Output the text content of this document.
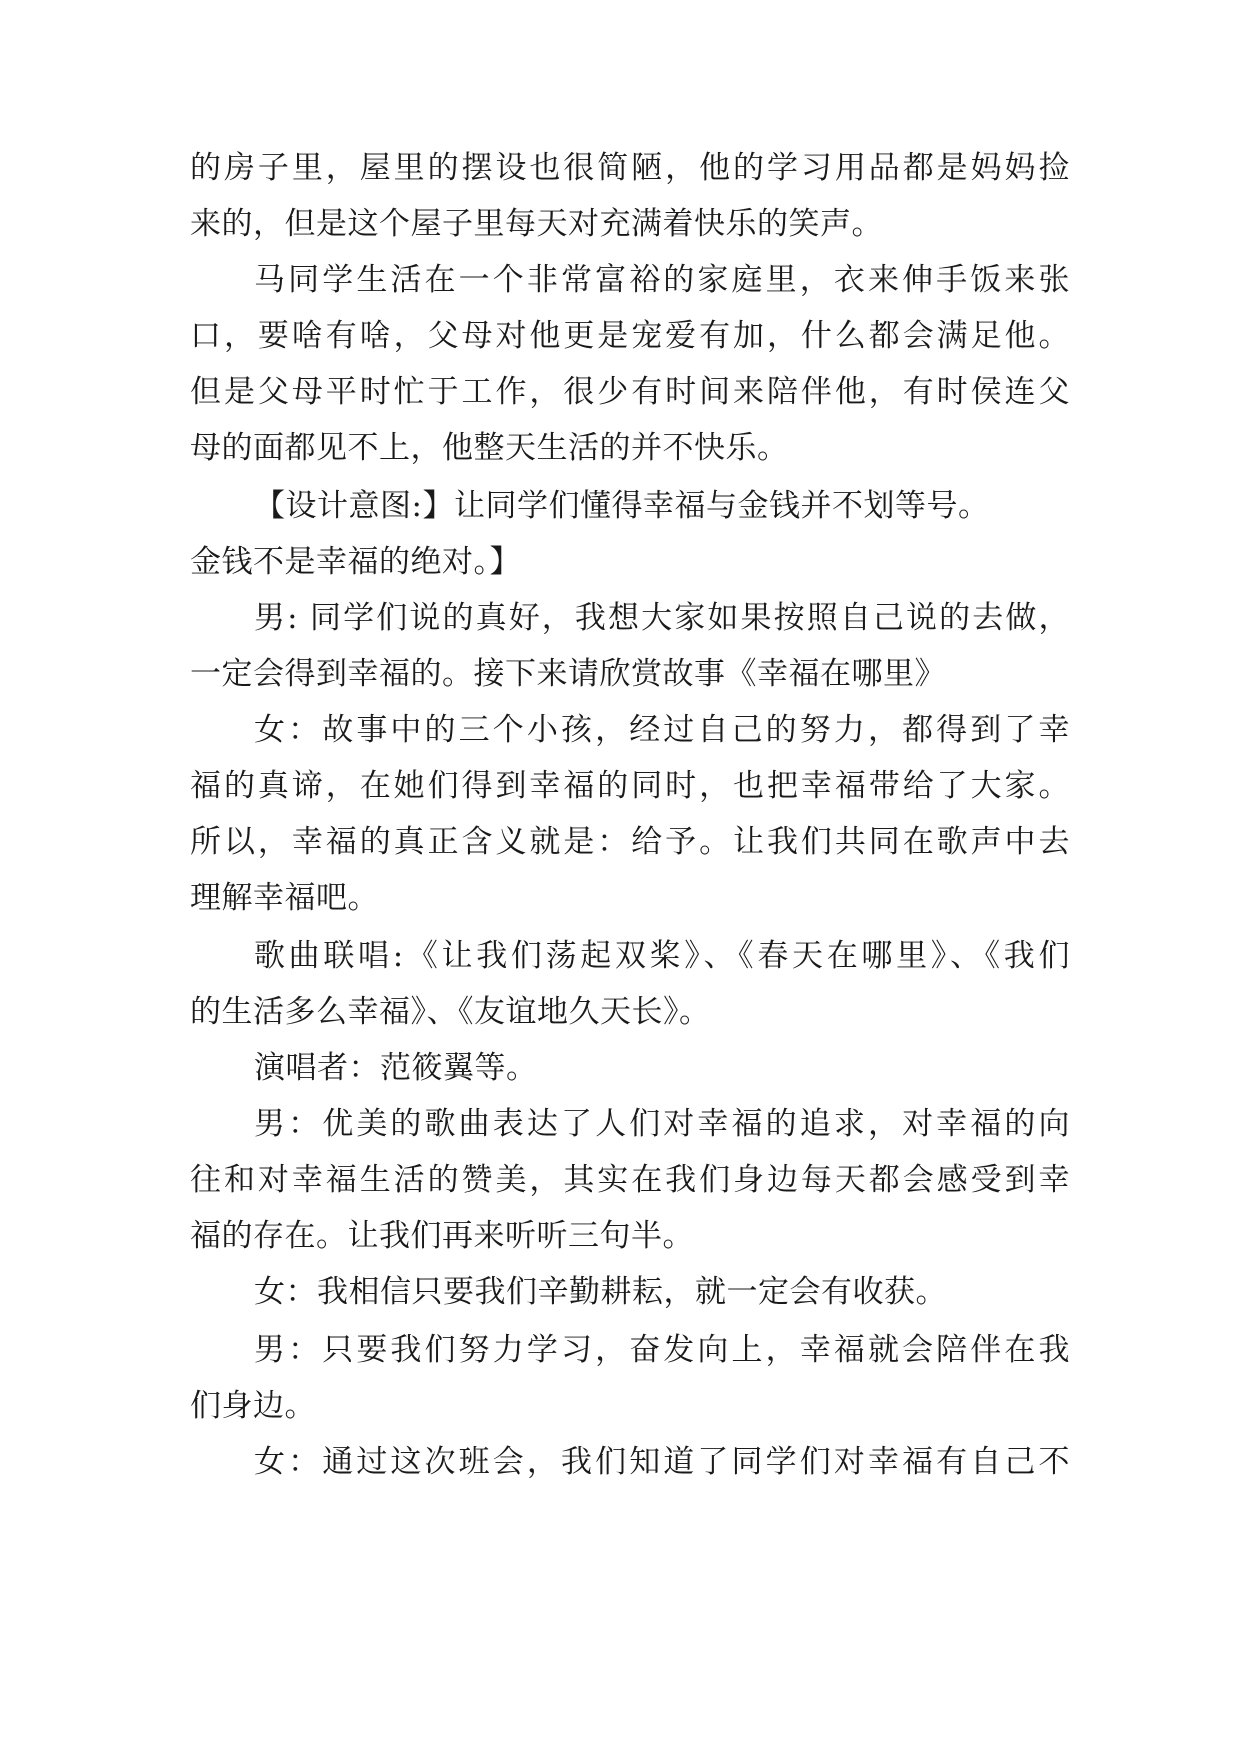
的房子里，屋里的摆设也很简陋，他的学习用品都是妈妈捡
来的，但是这个屋子里每天对充满着快乐的笑声。
马同学生活在一个非常富裕的家庭里，衣来伸手饭来张
口，要啥有啥，父母对他更是宠爱有加，什么都会满足他。
但是父母平时忙于工作，很少有时间来陪伴他，有时侯连父
母的面都见不上，他整天生活的并不快乐。
【设计意图:】让同学们懂得幸福与金钱并不划等号。
金钱不是幸福的绝对。】
男: 同学们说的真好，我想大家如果按照自己说的去做，
一定会得到幸福的。接下来请欣赏故事《幸福在哪里》
女：故事中的三个小孩，经过自己的努力，都得到了幸
福的真谛，在她们得到幸福的同时，也把幸福带给了大家。
所以，幸福的真正含义就是：给予。让我们共同在歌声中去
理解幸福吧。
歌曲联唱:《让我们荡起双桨》、《春天在哪里》、《我们
的生活多么幸福》、《友谊地久天长》。
演唱者：范筱翼等。
男：优美的歌曲表达了人们对幸福的追求，对幸福的向
往和对幸福生活的赞美，其实在我们身边每天都会感受到幸
福的存在。让我们再来听听三句半。
女：我相信只要我们辛勤耕耘，就一定会有收获。
男：只要我们努力学习，奋发向上，幸福就会陪伴在我
们身边。
女：通过这次班会，我们知道了同学们对幸福有自己不
